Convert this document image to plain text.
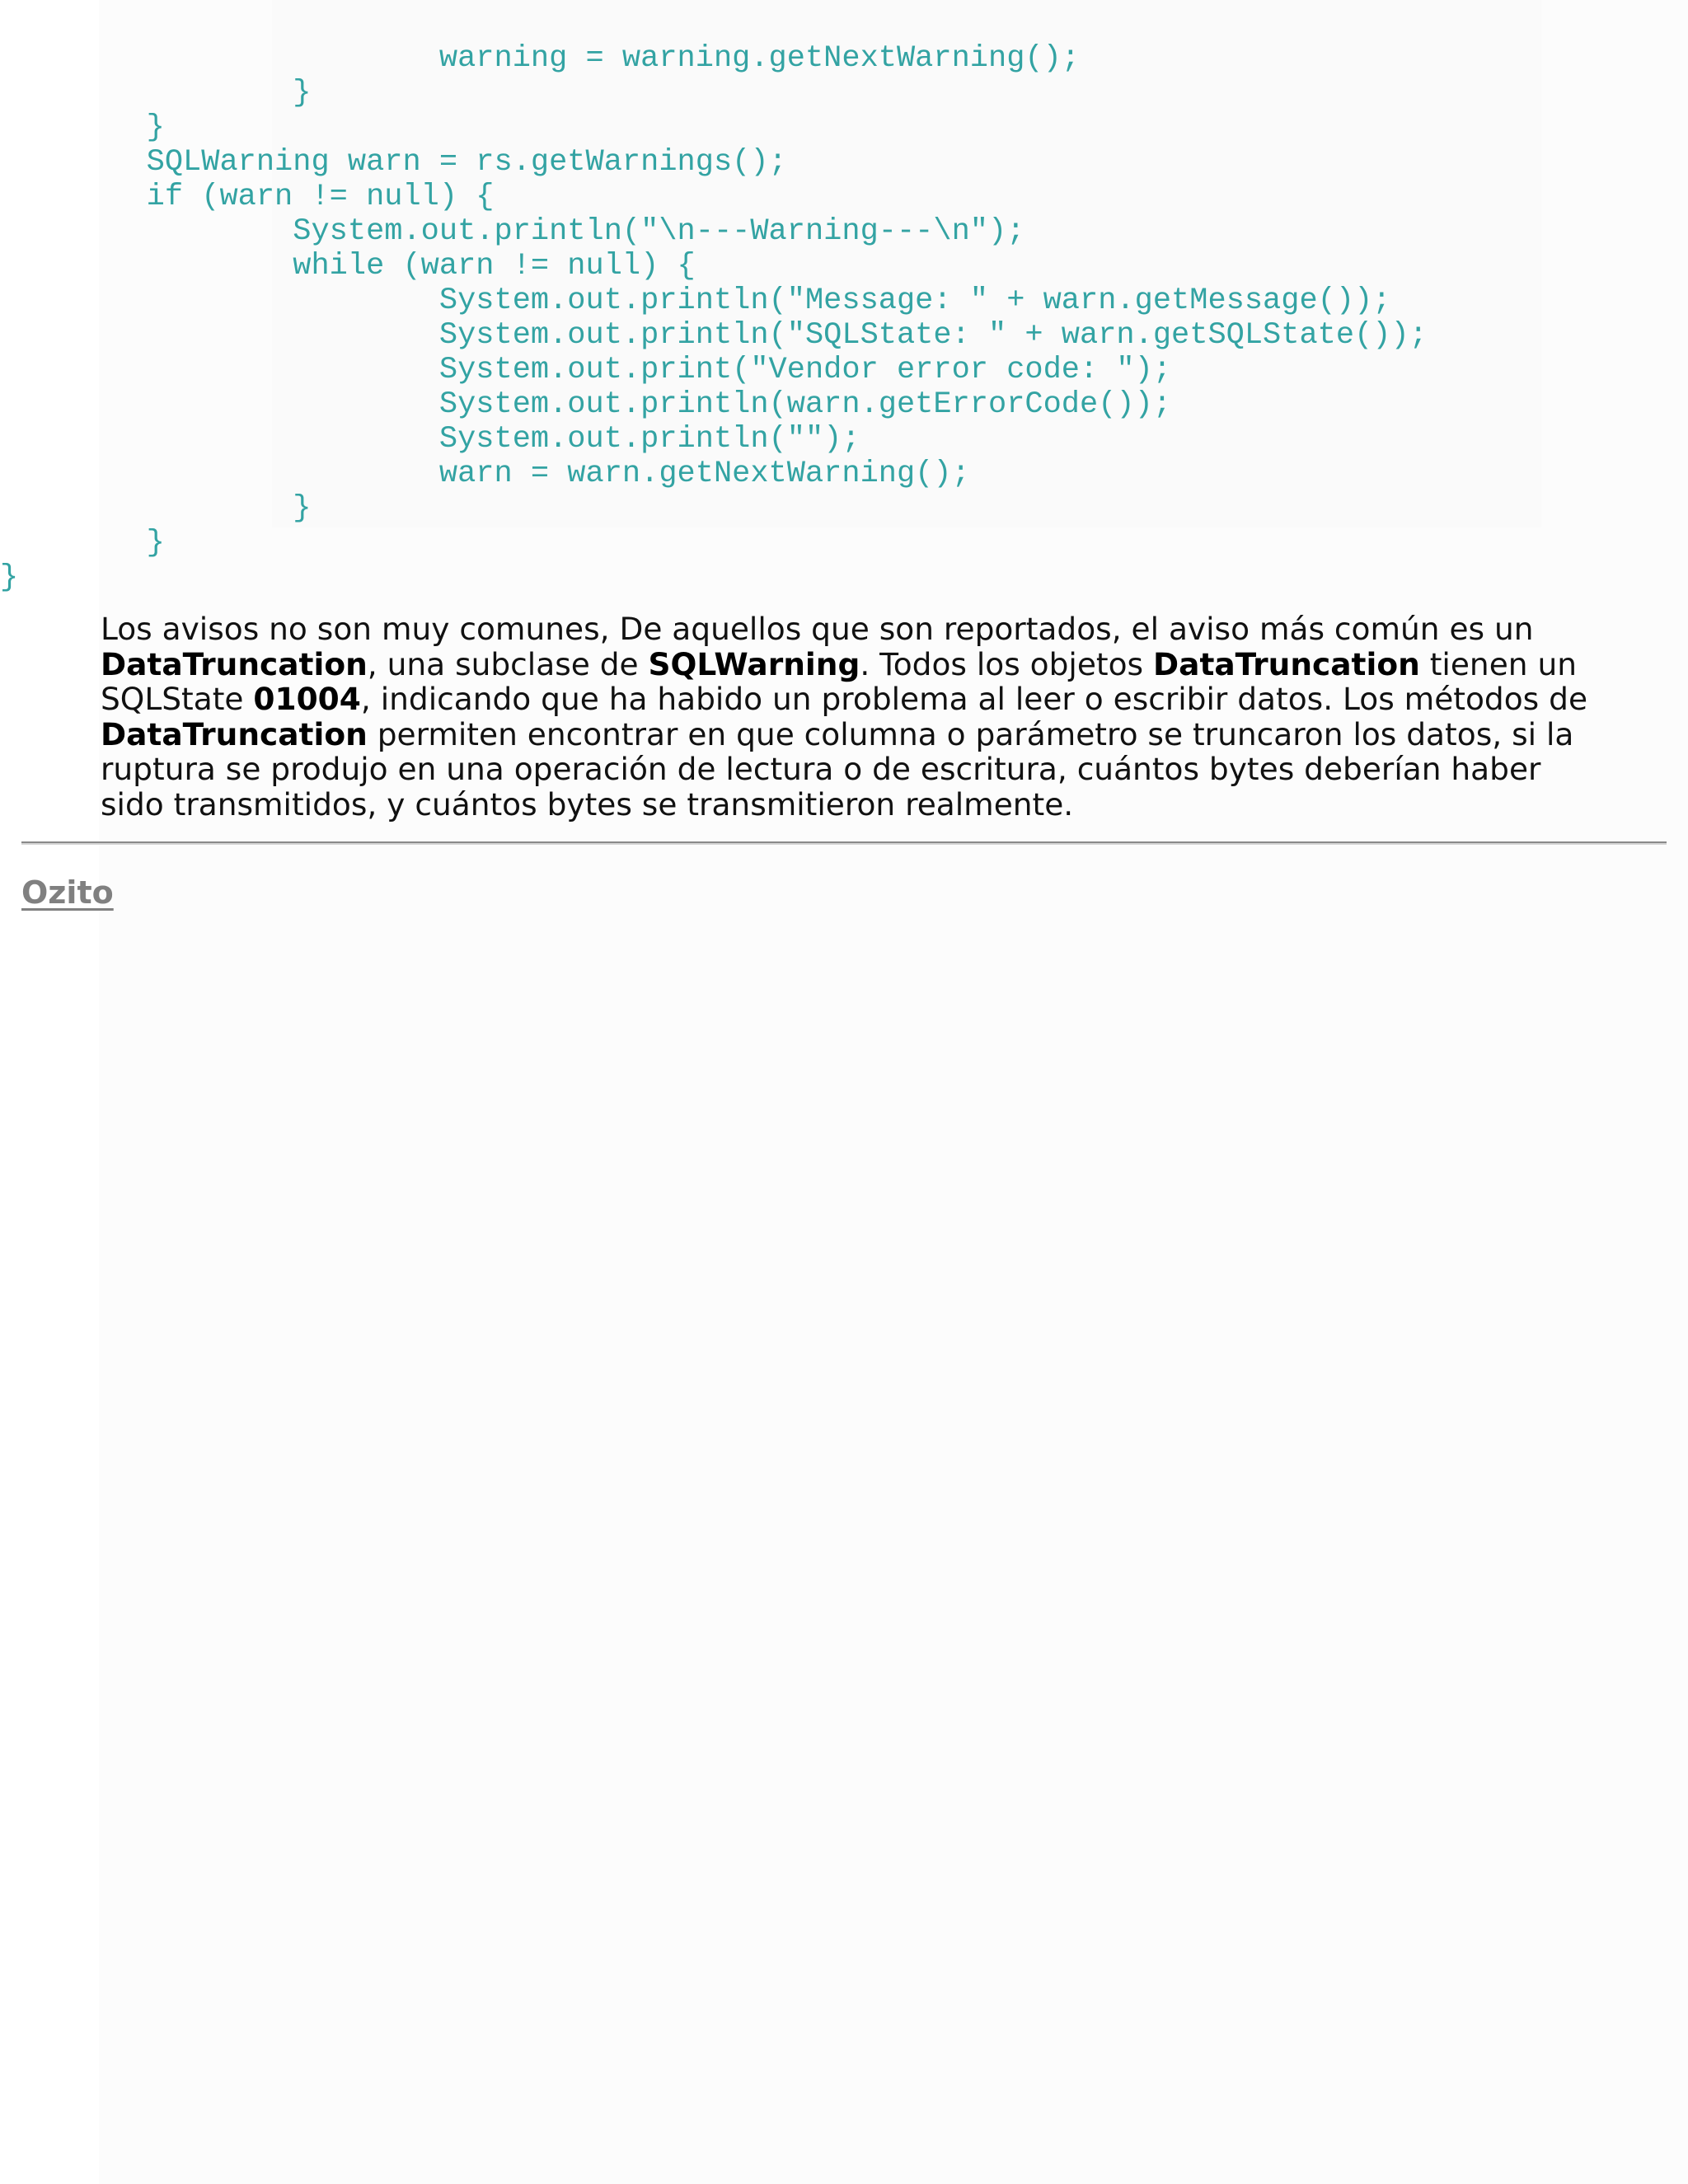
warning = warning.getNextWarning();
}
}
SQLWarning warn = rs.getWarnings();
if (warn != null) {
System.out.println("\n---Warning---\n");
while (warn != null) {
System.out.println("Message: " + warn.getMessage());
System.out.println("SQLState: " + warn.getSQLState());
System.out.print("Vendor error code: ");
System.out.println(warn.getErrorCode());
System.out.println("");
warn = warn.getNextWarning();
}
}
}

Los avisos no son muy comunes, De aquellos que son reportados, el aviso más común es un DataTruncation, una subclase de SQLWarning. Todos los objetos DataTruncation tienen un SQLState 01004, indicando que ha habido un problema al leer o escribir datos. Los métodos de DataTruncation permiten encontrar en que columna o parámetro se truncaron los datos, si la ruptura se produjo en una operación de lectura o de escritura, cuántos bytes deberían haber sido transmitidos, y cuántos bytes se transmitieron realmente.

Ozito
